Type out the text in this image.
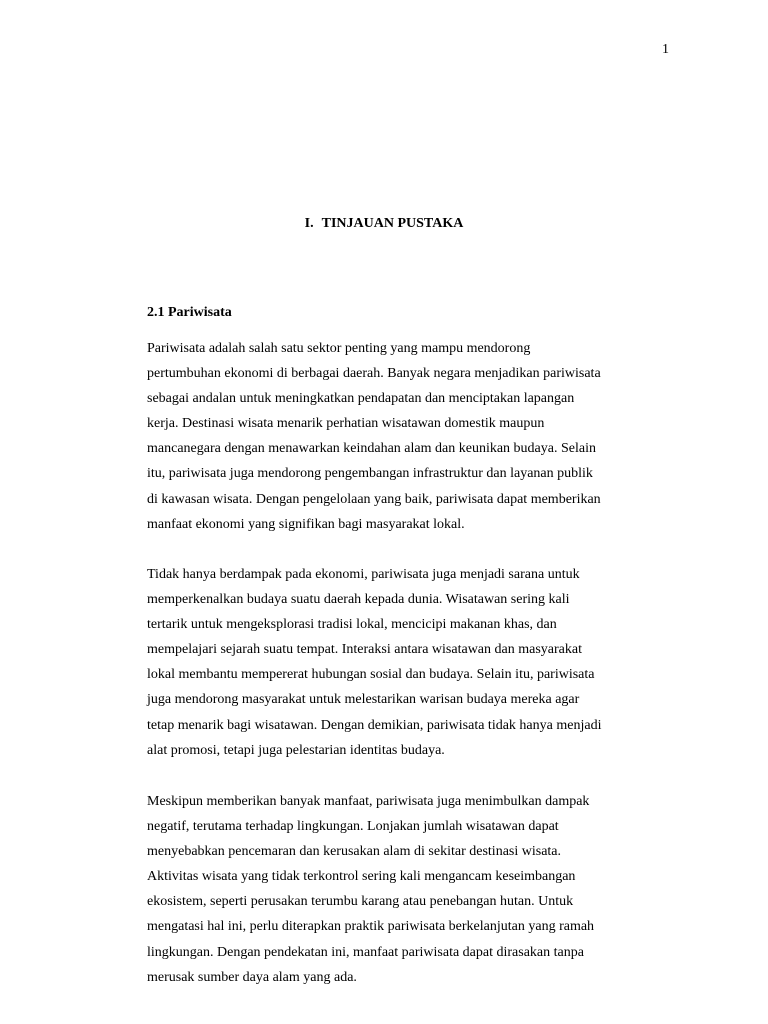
1
I. TINJAUAN PUSTAKA
2.1 Pariwisata
Pariwisata adalah salah satu sektor penting yang mampu mendorong
pertumbuhan ekonomi di berbagai daerah. Banyak negara menjadikan pariwisata
sebagai andalan untuk meningkatkan pendapatan dan menciptakan lapangan
kerja. Destinasi wisata menarik perhatian wisatawan domestik maupun
mancanegara dengan menawarkan keindahan alam dan keunikan budaya. Selain
itu, pariwisata juga mendorong pengembangan infrastruktur dan layanan publik
di kawasan wisata. Dengan pengelolaan yang baik, pariwisata dapat memberikan
manfaat ekonomi yang signifikan bagi masyarakat lokal.
Tidak hanya berdampak pada ekonomi, pariwisata juga menjadi sarana untuk
memperkenalkan budaya suatu daerah kepada dunia. Wisatawan sering kali
tertarik untuk mengeksplorasi tradisi lokal, mencicipi makanan khas, dan
mempelajari sejarah suatu tempat. Interaksi antara wisatawan dan masyarakat
lokal membantu mempererat hubungan sosial dan budaya. Selain itu, pariwisata
juga mendorong masyarakat untuk melestarikan warisan budaya mereka agar
tetap menarik bagi wisatawan. Dengan demikian, pariwisata tidak hanya menjadi
alat promosi, tetapi juga pelestarian identitas budaya.
Meskipun memberikan banyak manfaat, pariwisata juga menimbulkan dampak
negatif, terutama terhadap lingkungan. Lonjakan jumlah wisatawan dapat
menyebabkan pencemaran dan kerusakan alam di sekitar destinasi wisata.
Aktivitas wisata yang tidak terkontrol sering kali mengancam keseimbangan
ekosistem, seperti perusakan terumbu karang atau penebangan hutan. Untuk
mengatasi hal ini, perlu diterapkan praktik pariwisata berkelanjutan yang ramah
lingkungan. Dengan pendekatan ini, manfaat pariwisata dapat dirasakan tanpa
merusak sumber daya alam yang ada.
